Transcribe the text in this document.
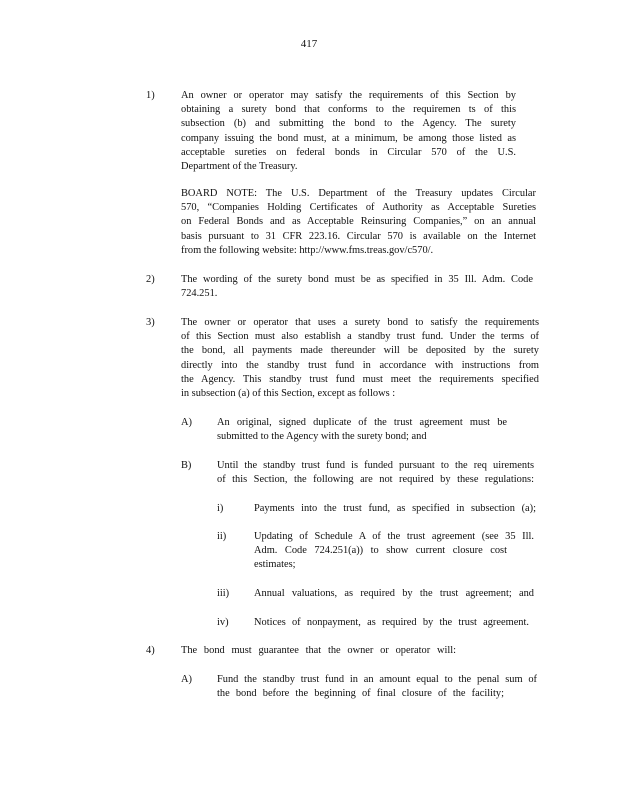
417
1)	An owner or operator may satisfy the requirements of this Section by
obtaining a surety bond that conforms to the requiremen ts of this
subsection (b) and submitting the bond to the Agency. The surety
company issuing the bond must, at a minimum, be among those listed as
acceptable sureties on federal bonds in Circular 570 of the U.S.
Department of the Treasury.
BOARD NOTE: The U.S. Department of the Treasury updates Circular
570, “Companies Holding Certificates of Authority as Acceptable Sureties
on Federal Bonds and as Acceptable Reinsuring Companies,” on an annual
basis pursuant to 31 CFR 223.16. Circular 570 is available on the Internet
from the following website: http://www.fms.treas.gov/c570/.
2)	The wording of the surety bond must be as specified in 35 Ill. Adm. Code
724.251.
3)	The owner or operator that uses a surety bond to satisfy the requirements
of this Section must also establish a standby trust fund. Under the terms of
the bond, all payments made thereunder will be deposited by the surety
directly into the standby trust fund in accordance with instructions from
the Agency. This standby trust fund must meet the requirements specified
in subsection (a) of this Section, except as follows :
A) An original, signed duplicate of the trust agreement must be
submitted to the Agency with the surety bond; and
B) Until the standby trust fund is funded pursuant to the req uirements
of this Section, the following are not required by these regulations:
i)	Payments into the trust fund, as specified in subsection (a);
ii)	Updating of Schedule A of the trust agreement (see 35 Ill.
Adm. Code 724.251(a)) to show current closure cost
estimates;
iii) Annual valuations, as required by the trust agreement; and
iv) Notices of nonpayment, as required by the trust agreement.
4)	The bond must guarantee that the owner or operator will:
A) Fund the standby trust fund in an amount equal to the penal sum of
the bond before the beginning of final closure of the facility;
